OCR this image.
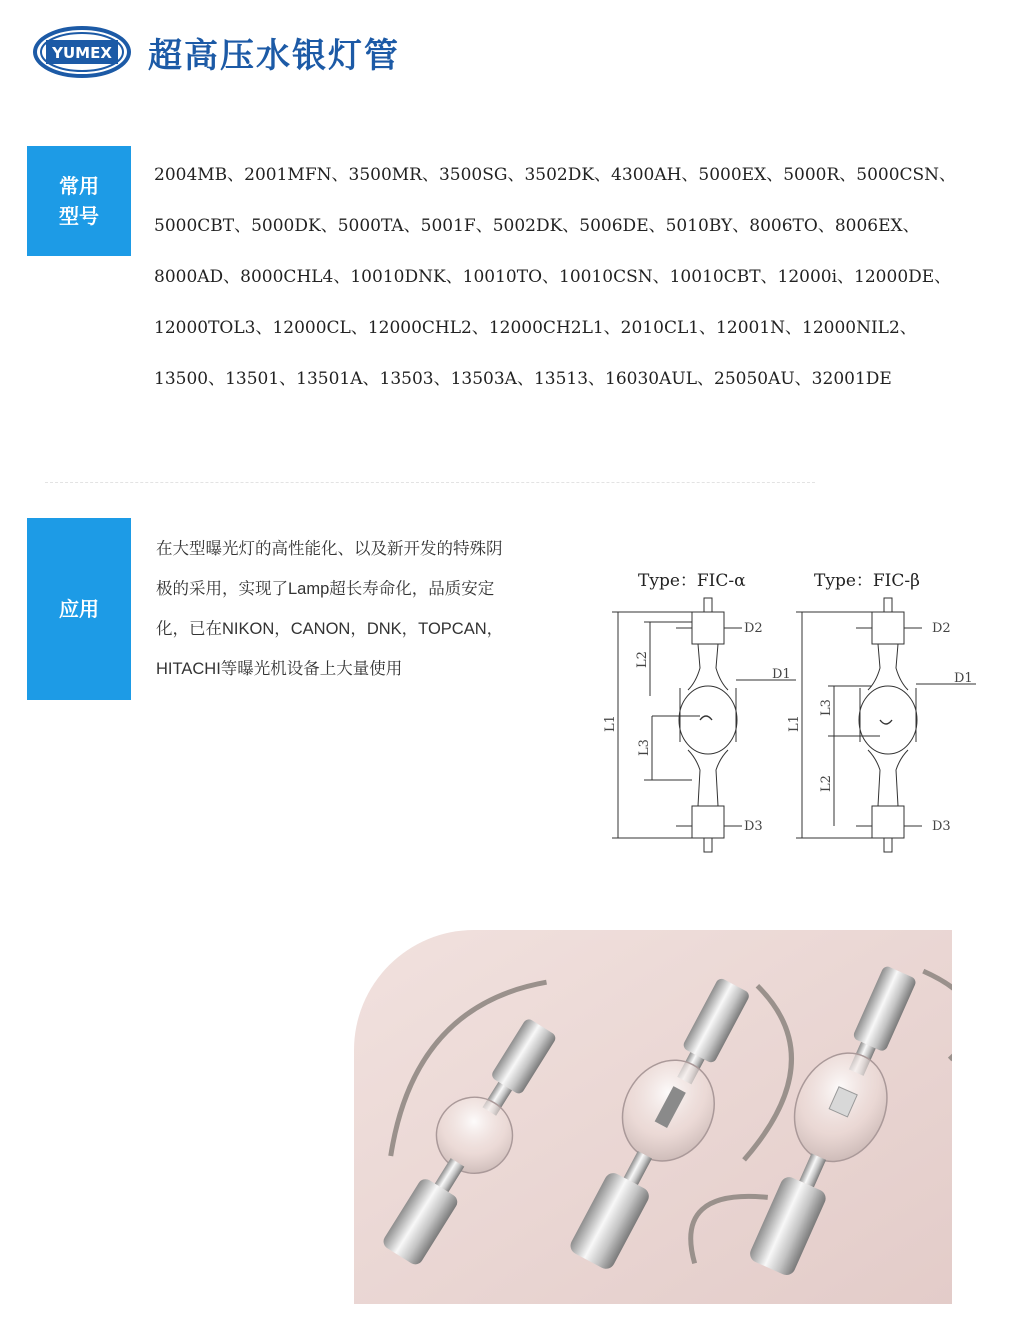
YUMEX 超高压水银灯管
常用
型号
2004MB、2001MFN、3500MR、3500SG、3502DK、4300AH、5000EX、5000R、5000CSN、
5000CBT、5000DK、5000TA、5001F、5002DK、5006DE、5010BY、8006TO、8006EX、
8000AD、8000CHL4、10010DNK、10010TO、10010CSN、10010CBT、12000i、12000DE、
12000TOL3、12000CL、12000CHL2、12000CH2L1、2010CL1、12001N、12000NIL2、
13500、13501、13501A、13503、13503A、13513、16030AUL、25050AU、32001DE
应用
在大型曝光灯的高性能化、以及新开发的特殊阴
极的采用，实现了Lamp超长寿命化，品质安定
化，已在NIKON，CANON，DNK，TOPCAN，
HITACHI等曝光机设备上大量使用
Type：FIC-α	Type：FIC-β
D2
D1
D3
L1
L2
L3
D2
D1
D3
L1
L2
L3
